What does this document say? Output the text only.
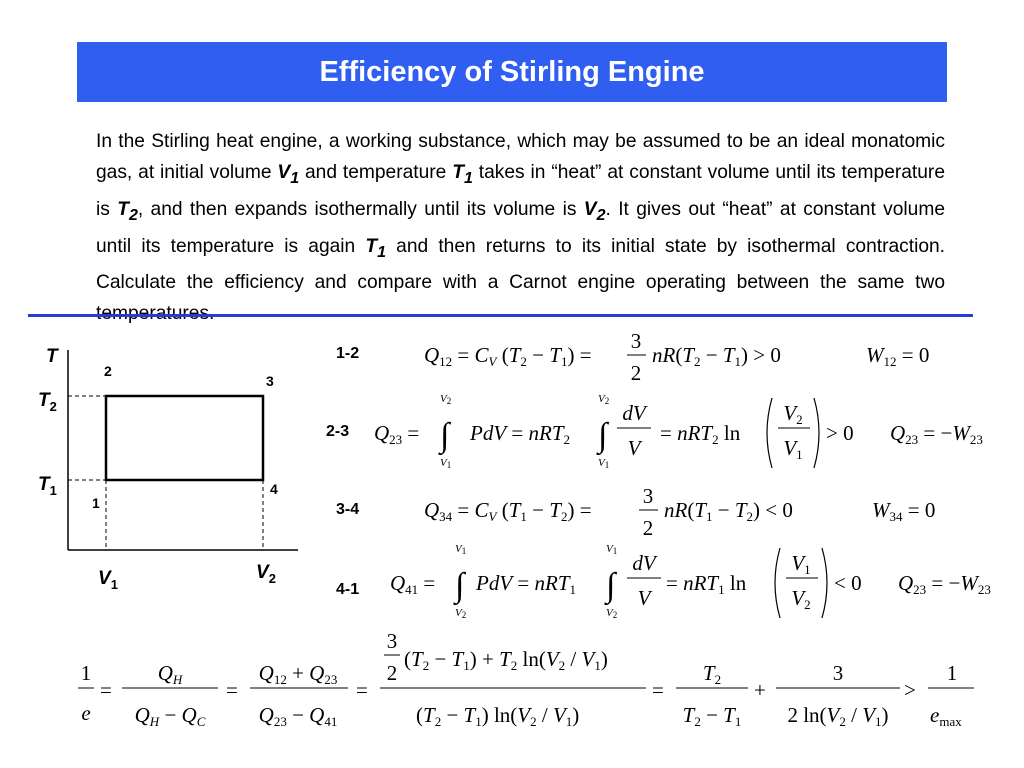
Efficiency of Stirling Engine
In the Stirling heat engine, a working substance, which may be assumed to be an ideal monatomic gas, at initial volume $V_1$ and temperature $T_1$ takes in “heat” at constant volume until its temperature is $T_2$, and then expands isothermally until its volume is $V_2$. It gives out “heat” at constant volume until its temperature is again $T_1$ and then returns to its initial state by isothermal contraction. Calculate the efficiency and compare with a Carnot engine operating between the same two
T
$T_2$
$T_1$
$V_1$
$V_2$
1
2
3
4
1-2
2-3
3-4
4-1
Q12 = CV (T2 − T1) =
3
2
nR(T2 − T1) > 0	W12 = 0
Q23 = ∫
V2
V1
PdV = nRT2 ∫
V2
V1
dV
V
= nRT2 ln
V2
V1
> 0 Q23 = −W23
Q34 = CV (T1 − T2) =
3
2
nR(T1 − T2) < 0	W34 = 0
Q41 = ∫
V1
V2
PdV = nRT1 ∫
V1
V2
dV
V
= nRT1 ln
V1
V2
< 0 Q23 = −W23
1
e
=
QH
QH − QC
=
Q12 + Q23
Q23 − Q41
=
3
2
(T2 − T1) + T2 ln(V2 / V1)
(T2 − T1) ln(V2 / V1)
=
T2
T2 − T1
+
3
2 ln(V2 / V1)
>
1
emax
